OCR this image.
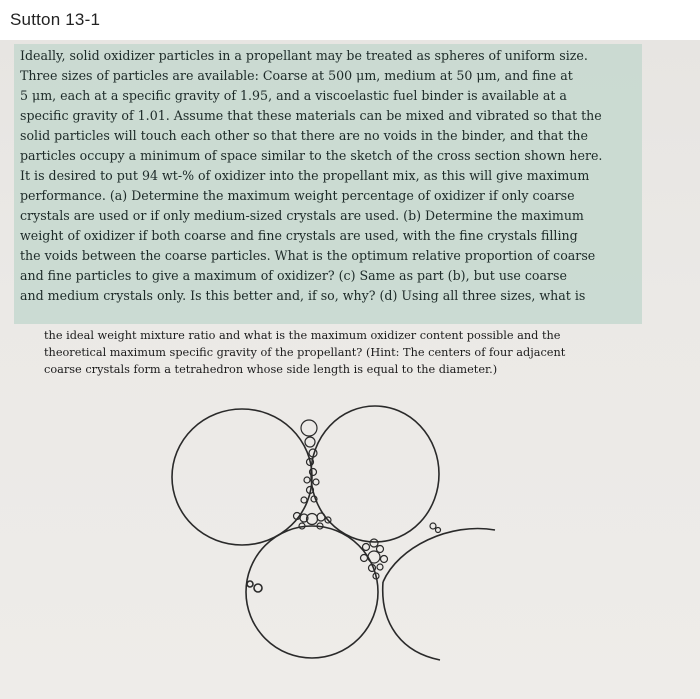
Sutton 13-1
Ideally, solid oxidizer particles in a propellant may be treated as spheres of uniform size.
Three sizes of particles are available: Coarse at 500 μm, medium at 50 μm, and fine at
5 μm, each at a specific gravity of 1.95, and a viscoelastic fuel binder is available at a
specific gravity of 1.01. Assume that these materials can be mixed and vibrated so that the
solid particles will touch each other so that there are no voids in the binder, and that the
particles occupy a minimum of space similar to the sketch of the cross section shown here.
It is desired to put 94 wt-% of oxidizer into the propellant mix, as this will give maximum
performance. (a) Determine the maximum weight percentage of oxidizer if only coarse
crystals are used or if only medium-sized crystals are used. (b) Determine the maximum
weight of oxidizer if both coarse and fine crystals are used, with the fine crystals filling
the voids between the coarse particles. What is the optimum relative proportion of coarse
and fine particles to give a maximum of oxidizer? (c) Same as part (b), but use coarse
and medium crystals only. Is this better and, if so, why? (d) Using all three sizes, what is
the ideal weight mixture ratio and what is the maximum oxidizer content possible and the
theoretical maximum specific gravity of the propellant? (Hint: The centers of four adjacent
coarse crystals form a tetrahedron whose side length is equal to the diameter.)
